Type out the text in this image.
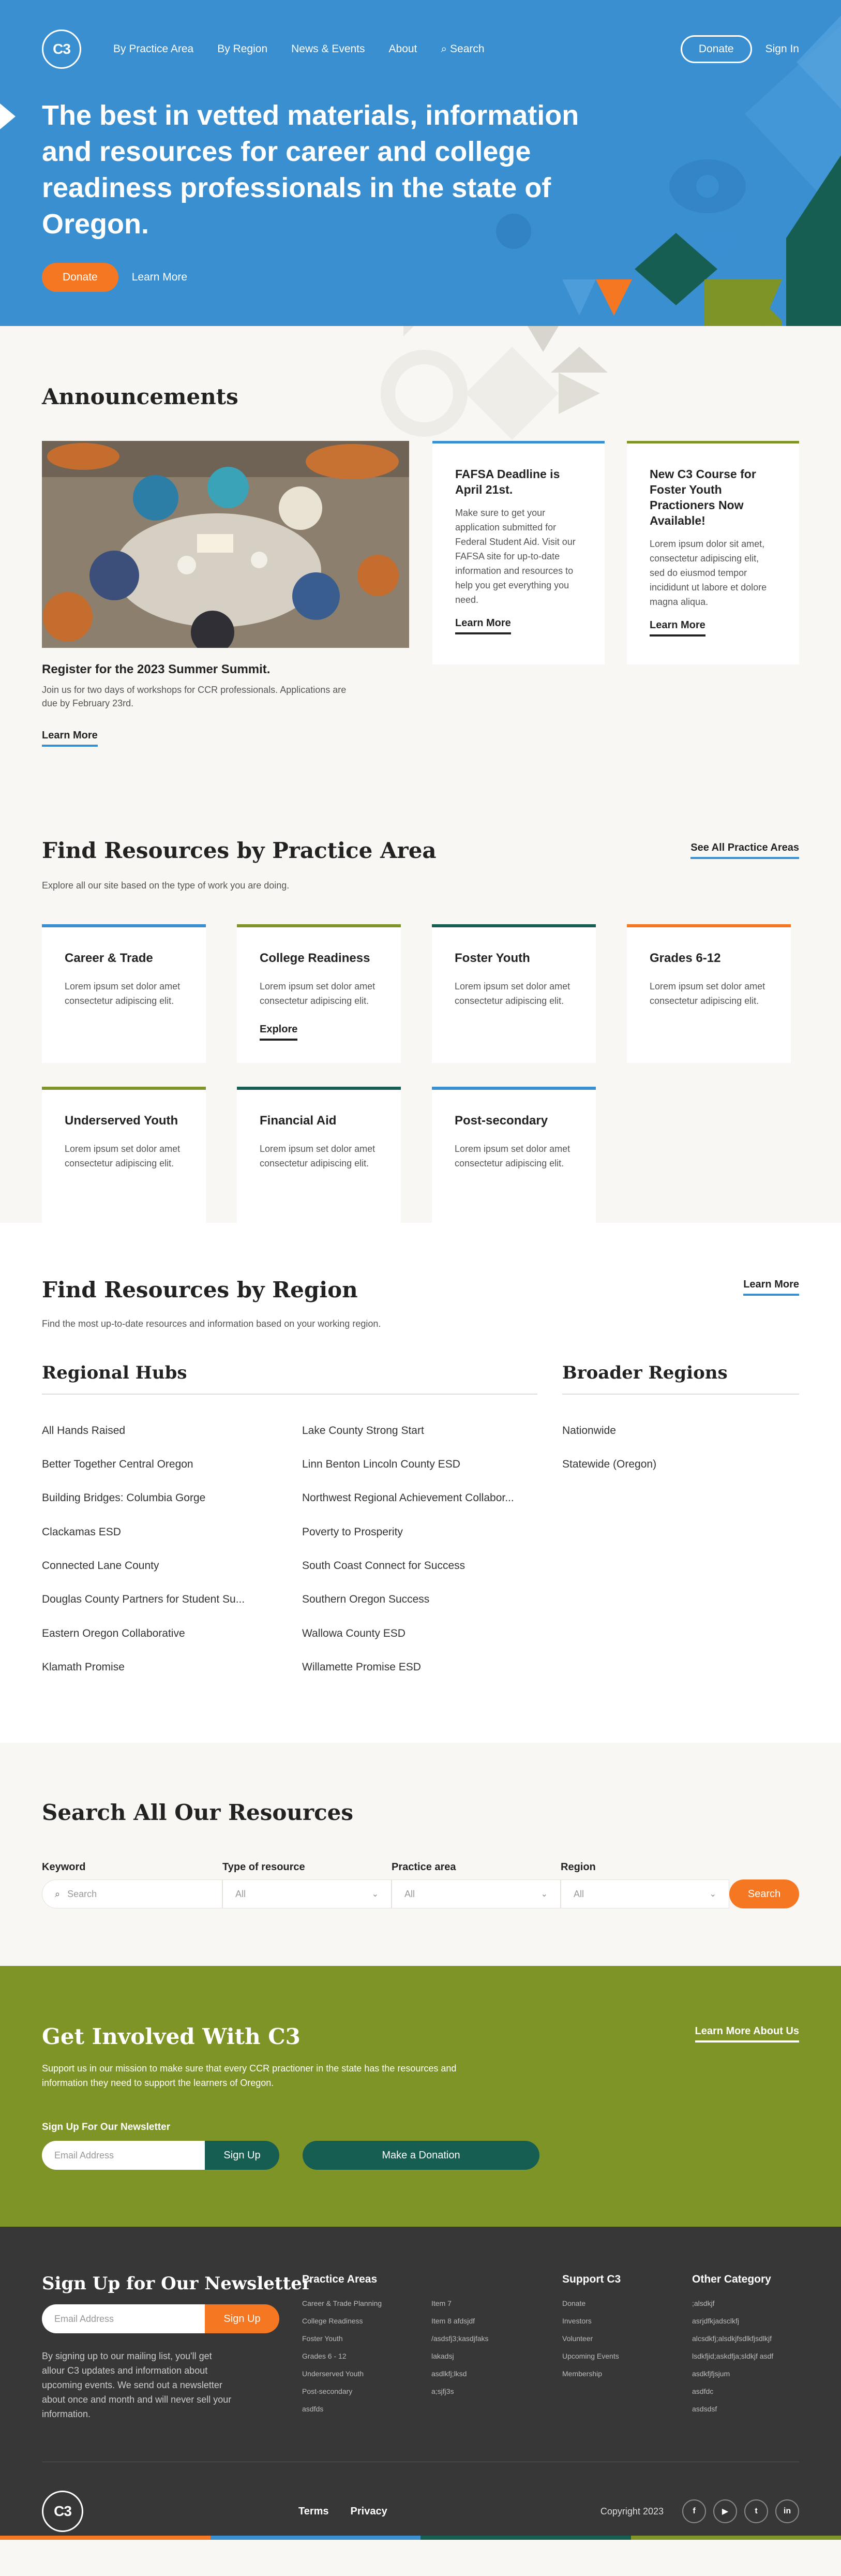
C3	By Practice Area By Region News & Events About ⌕ Search	Donate	Sign In
The best in vetted materials, information and resources for career and college readiness professionals in the state of Oregon.
Donate	Learn More
Announcements
Register for the 2023 Summer Summit.

Join us for two days of workshops for CCR professionals. Applications are due by February 23rd.

Learn More
FAFSA Deadline is April 21st.

Make sure to get your application submitted for Federal Student Aid. Visit our FAFSA site for up-to-date information and resources to help you get everything you need.

Learn More
New C3 Course for Foster Youth Practioners Now Available!

Lorem ipsum dolor sit amet, consectetur adipiscing elit, sed do eiusmod tempor incididunt ut labore et dolore magna aliqua.

Learn More
Find Resources by Practice Area

Explore all our site based on the type of work you are doing.

See All Practice Areas
Career & Trade

Lorem ipsum set dolor amet consectetur adipiscing elit.

College Readiness

Lorem ipsum set dolor amet consectetur adipiscing elit.

Explore
Foster Youth

Lorem ipsum set dolor amet consectetur adipiscing elit.

Grades 6-12

Lorem ipsum set dolor amet consectetur adipiscing elit.

Underserved Youth

Lorem ipsum set dolor amet consectetur adipiscing elit.

Financial Aid

Lorem ipsum set dolor amet consectetur adipiscing elit.

Post-secondary

Lorem ipsum set dolor amet consectetur adipiscing elit.

Find Resources by Region

Find the most up-to-date resources and information based on your working region.

Learn More
Regional Hubs	Broader Regions
All Hands Raised
Better Together Central Oregon
Building Bridges: Columbia Gorge
Clackamas ESD
Connected Lane County
Douglas County Partners for Student Su...
Eastern Oregon Collaborative
Klamath Promise
Lake County Strong Start
Linn Benton Lincoln County ESD
Northwest Regional Achievement Collabor...
Poverty to Prosperity
South Coast Connect for Success
Southern Oregon Success
Wallowa County ESD
Willamette Promise ESD
Nationwide
Statewide (Oregon)
Search All Our Resources
Keyword	Type of resource	Practice area	Region
⌕ Search	All	⌄	All	⌄	All	⌄	Search
Get Involved With C3

Support us in our mission to make sure that every CCR practioner in the state has the resources and information they need to support the learners of Oregon.

Learn More About Us
Sign Up For Our Newsletter
Email Address	Sign Up	Make a Donation
Sign Up for Our Newsletter
Email Address	Sign Up

By signing up to our mailing list, you'll get allour C3 updates and information about upcoming events. We send out a newsletter about once and month and will never sell your information.

Practice Areas
Career & Trade Planning
College Readiness
Foster Youth
Grades 6 - 12
Underserved Youth
Post-secondary
asdfds
Item 7
Item 8 afdsjdf
/asdsfj3;kasdjfaks
lakadsj
asdlkfj;lksd
a;sjfj3s
Support C3
Donate
Investors
Volunteer
Upcoming Events
Membership
Other Category
;alsdkjf
asrjdfkjadsclkfj
alcsdkfj;alsdkjfsdlkfjsdlkjf
lsdkfjid;askdfja;sldkjf asdf
asdkfjfjsjum
asdfdc
asdsdsf
C3	Terms Privacy	Copyright 2023	f	▶	t	in
